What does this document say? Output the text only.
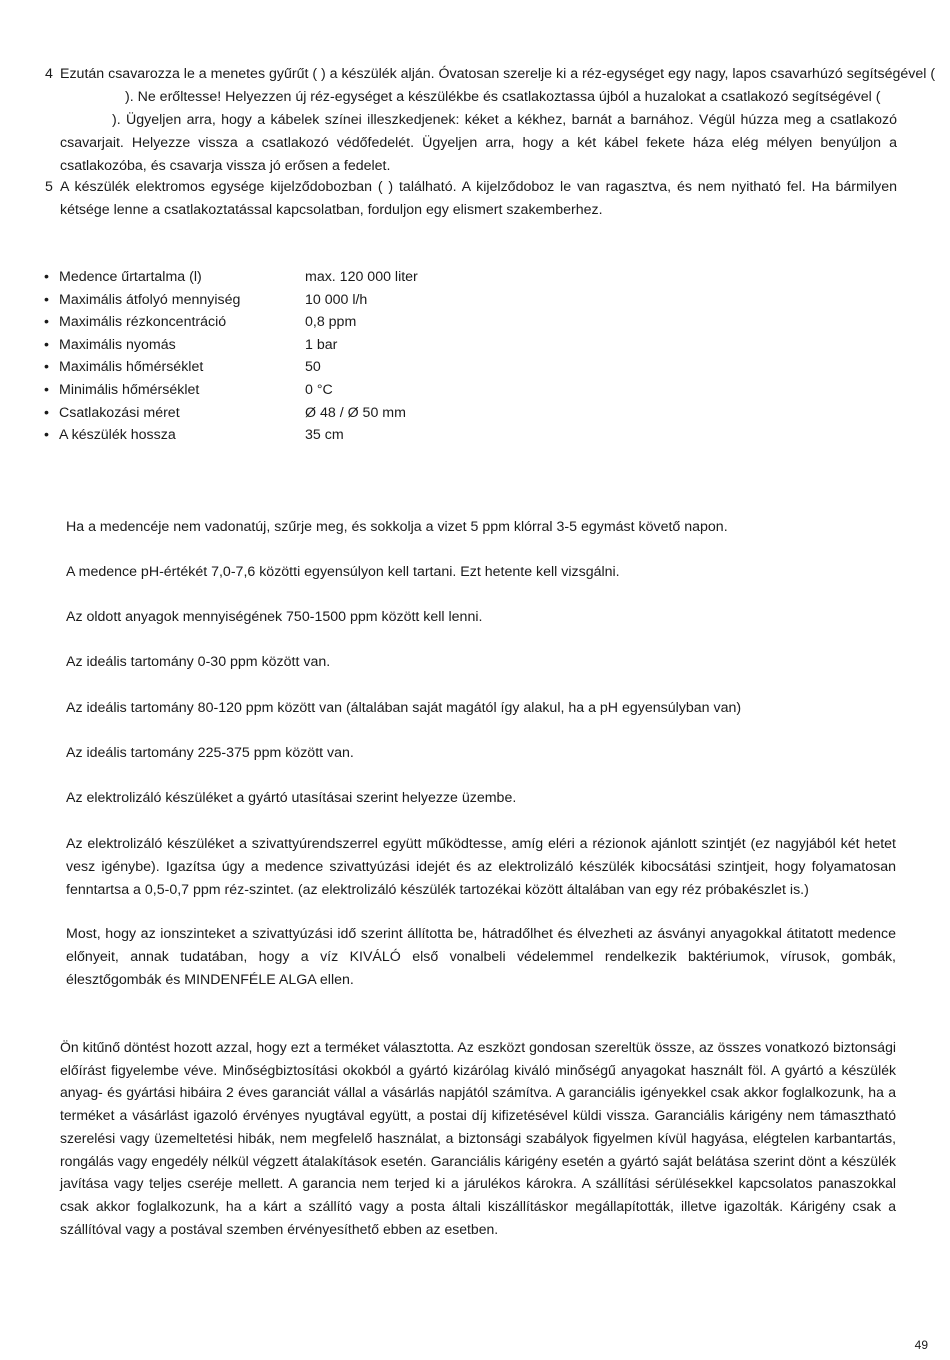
4 Ezután csavarozza le a menetes gyűrűt ( ) a készülék alján. Óvatosan szerelje ki a réz-egységet egy nagy, lapos csavarhúzó segítségével (

). Ne erőltesse! Helyezzen új réz-egységet a készülékbe és csatlakoztassa újból a huzalokat a csatlakozó segítségével (

). Ügyeljen arra, hogy a kábelek színei illeszkedjenek: kéket a kékhez, barnát a barnához. Végül húzza meg a csatlakozó csavarjait. Helyezze vissza a csatlakozó védőfedelét. Ügyeljen arra, hogy a két kábel fekete háza elég mélyen benyúljon a csatlakozóba, és csavarja vissza jó erősen a fedelet.

5 A készülék elektromos egysége kijelződobozban ( ) található. A kijelződoboz le van ragasztva, és nem nyitható fel. Ha bármilyen kétsége lenne a csatlakoztatással kapcsolatban, forduljon egy elismert szakemberhez.

• Medence űrtartalma (l)	max. 120 000 liter
• Maximális átfolyó mennyiség	10 000 l/h
• Maximális rézkoncentráció	0,8 ppm
• Maximális nyomás	1 bar
• Maximális hőmérséklet	50
• Minimális hőmérséklet	0 °C
• Csatlakozási méret	Ø 48 / Ø 50 mm
• A készülék hossza	35 cm

Ha a medencéje nem vadonatúj, szűrje meg, és sokkolja a vizet 5 ppm klórral 3-5 egymást követő napon.

A medence pH-értékét 7,0-7,6 közötti egyensúlyon kell tartani. Ezt hetente kell vizsgálni.

Az oldott anyagok mennyiségének 750-1500 ppm között kell lenni.

Az ideális tartomány 0-30 ppm között van.

Az ideális tartomány 80-120 ppm között van (általában saját magától így alakul, ha a pH egyensúlyban van)

Az ideális tartomány 225-375 ppm között van.

Az elektrolizáló készüléket a gyártó utasításai szerint helyezze üzembe.

Az elektrolizáló készüléket a szivattyúrendszerrel együtt működtesse, amíg eléri a rézionok ajánlott szintjét (ez nagyjából két hetet vesz igénybe). Igazítsa úgy a medence szivattyúzási idejét és az elektrolizáló készülék kibocsátási szintjeit, hogy folyamatosan fenntartsa a 0,5-0,7 ppm réz-szintet. (az elektrolizáló készülék tartozékai között általában van egy réz próbakészlet is.)

Most, hogy az ionszinteket a szivattyúzási idő szerint állította be, hátradőlhet és élvezheti az ásványi anyagokkal átitatott medence előnyeit, annak tudatában, hogy a víz KIVÁLÓ első vonalbeli védelemmel rendelkezik baktériumok, vírusok, gombák, élesztőgombák és MINDENFÉLE ALGA ellen.

Ön kitűnő döntést hozott azzal, hogy ezt a terméket választotta. Az eszközt gondosan szereltük össze, az összes vonatkozó biztonsági előírást figyelembe véve. Minőségbiztosítási okokból a gyártó kizárólag kiváló minőségű anyagokat használt föl. A gyártó a készülék anyag- és gyártási hibáira 2 éves garanciát vállal a vásárlás napjától számítva. A garanciális igényekkel csak akkor foglalkozunk, ha a terméket a vásárlást igazoló érvényes nyugtával együtt, a postai díj kifizetésével küldi vissza. Garanciális kárigény nem támasztható szerelési vagy üzemeltetési hibák, nem megfelelő használat, a biztonsági szabályok figyelmen kívül hagyása, elégtelen karbantartás, rongálás vagy engedély nélkül végzett átalakítások esetén. Garanciális kárigény esetén a gyártó saját belátása szerint dönt a készülék javítása vagy teljes cseréje mellett. A garancia nem terjed ki a járulékos károkra. A szállítási sérülésekkel kapcsolatos panaszokkal csak akkor foglalkozunk, ha a kárt a szállító vagy a posta általi kiszállításkor megállapították, illetve igazolták. Kárigény csak a szállítóval vagy a postával szemben érvényesíthető ebben az esetben.

49
